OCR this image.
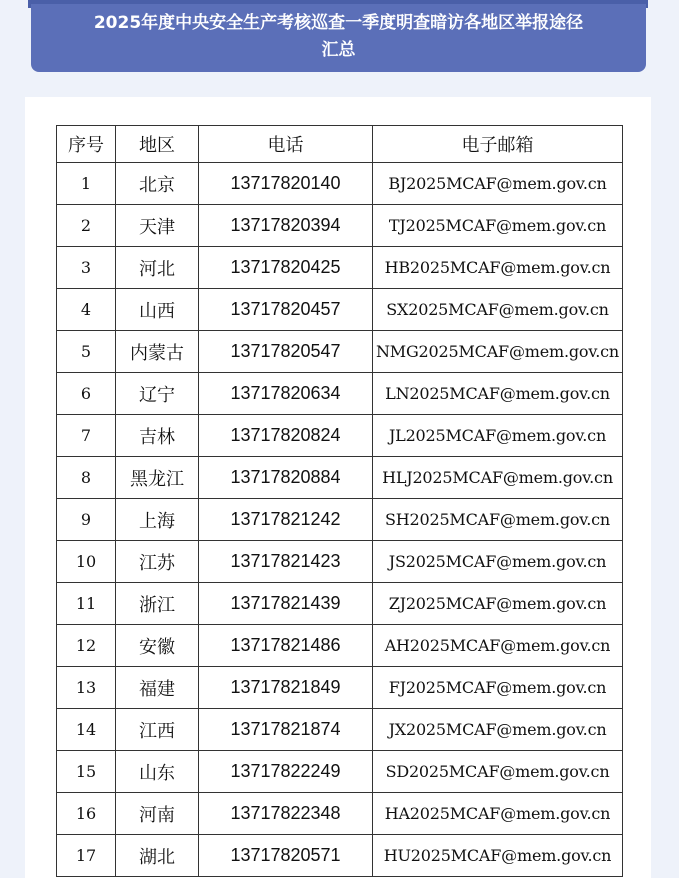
2025年度中央安全生产考核巡查一季度明查暗访各地区举报途径
汇总
序号	地区	电话	电子邮箱
1	北京	13717820140	BJ2025MCAF@mem.gov.cn
2	天津	13717820394	TJ2025MCAF@mem.gov.cn
3	河北	13717820425	HB2025MCAF@mem.gov.cn
4	山西	13717820457	SX2025MCAF@mem.gov.cn
5	内蒙古	13717820547	NMG2025MCAF@mem.gov.cn
6	辽宁	13717820634	LN2025MCAF@mem.gov.cn
7	吉林	13717820824	JL2025MCAF@mem.gov.cn
8	黑龙江	13717820884	HLJ2025MCAF@mem.gov.cn
9	上海	13717821242	SH2025MCAF@mem.gov.cn
10	江苏	13717821423	JS2025MCAF@mem.gov.cn
11	浙江	13717821439	ZJ2025MCAF@mem.gov.cn
12	安徽	13717821486	AH2025MCAF@mem.gov.cn
13	福建	13717821849	FJ2025MCAF@mem.gov.cn
14	江西	13717821874	JX2025MCAF@mem.gov.cn
15	山东	13717822249	SD2025MCAF@mem.gov.cn
16	河南	13717822348	HA2025MCAF@mem.gov.cn
17	湖北	13717820571	HU2025MCAF@mem.gov.cn
